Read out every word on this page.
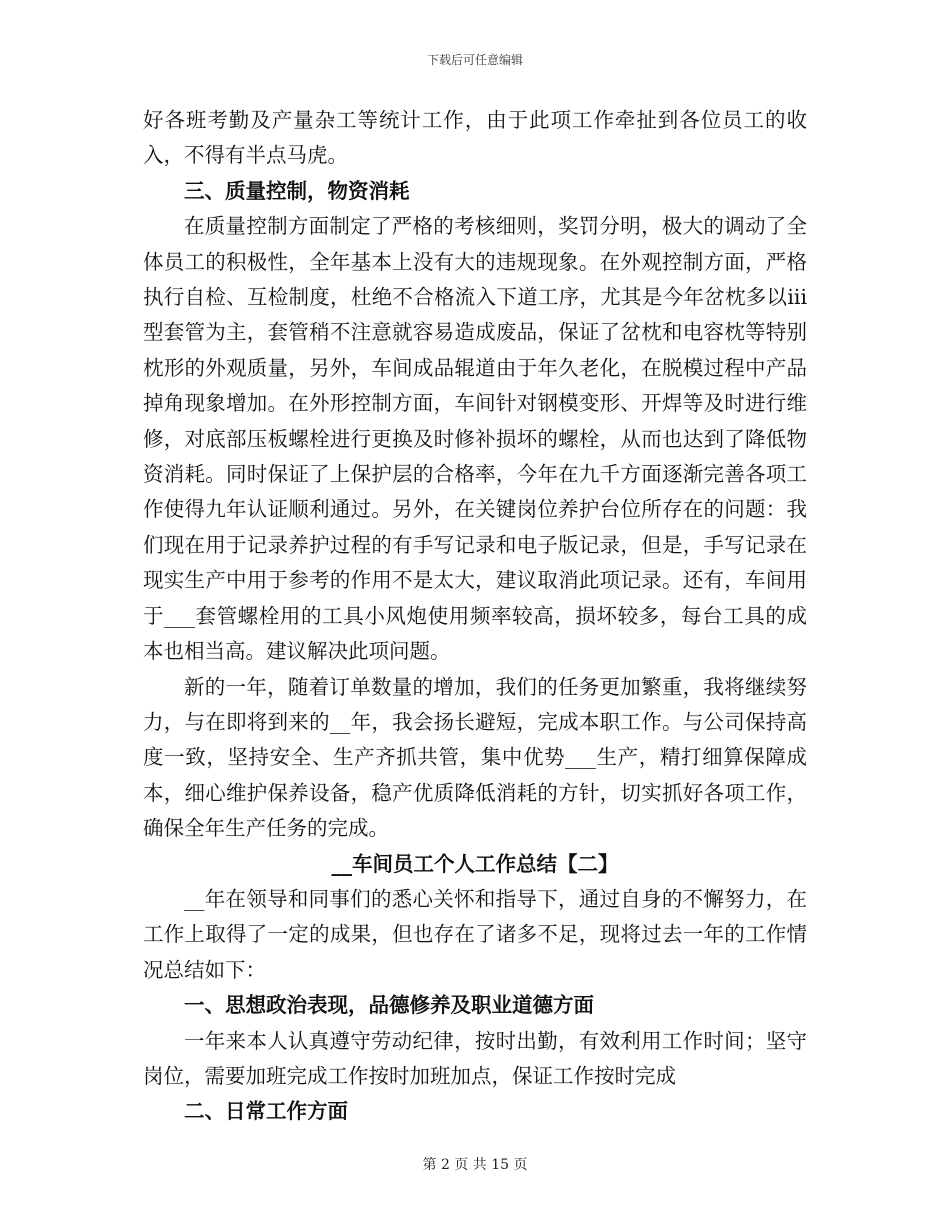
下载后可任意编辑

好各班考勤及产量杂工等统计工作，由于此项工作牵扯到各位员工的收入，不得有半点马虎。

三、质量控制，物资消耗

在质量控制方面制定了严格的考核细则，奖罚分明，极大的调动了全体员工的积极性，全年基本上没有大的违规现象。在外观控制方面，严格执行自检、互检制度，杜绝不合格流入下道工序，尤其是今年岔枕多以iii型套管为主，套管稍不注意就容易造成废品，保证了岔枕和电容枕等特别枕形的外观质量，另外，车间成品辊道由于年久老化，在脱模过程中产品掉角现象增加。在外形控制方面，车间针对钢模变形、开焊等及时进行维修，对底部压板螺栓进行更换及时修补损坏的螺栓，从而也达到了降低物资消耗。同时保证了上保护层的合格率，今年在九千方面逐渐完善各项工作使得九年认证顺利通过。另外，在关键岗位养护台位所存在的问题：我们现在用于记录养护过程的有手写记录和电子版记录，但是，手写记录在现实生产中用于参考的作用不是太大，建议取消此项记录。还有，车间用于___套管螺栓用的工具小风炮使用频率较高，损坏较多，每台工具的成本也相当高。建议解决此项问题。

新的一年，随着订单数量的增加，我们的任务更加繁重，我将继续努力，与在即将到来的__年，我会扬长避短，完成本职工作。与公司保持高度一致，坚持安全、生产齐抓共管，集中优势___生产，精打细算保障成本，细心维护保养设备，稳产优质降低消耗的方针，切实抓好各项工作，确保全年生产任务的完成。

__车间员工个人工作总结【二】

__年在领导和同事们的悉心关怀和指导下，通过自身的不懈努力，在工作上取得了一定的成果，但也存在了诸多不足，现将过去一年的工作情况总结如下：

一、思想政治表现，品德修养及职业道德方面

一年来本人认真遵守劳动纪律，按时出勤，有效利用工作时间；坚守岗位，需要加班完成工作按时加班加点，保证工作按时完成

二、日常工作方面

第 2 页 共 15 页
